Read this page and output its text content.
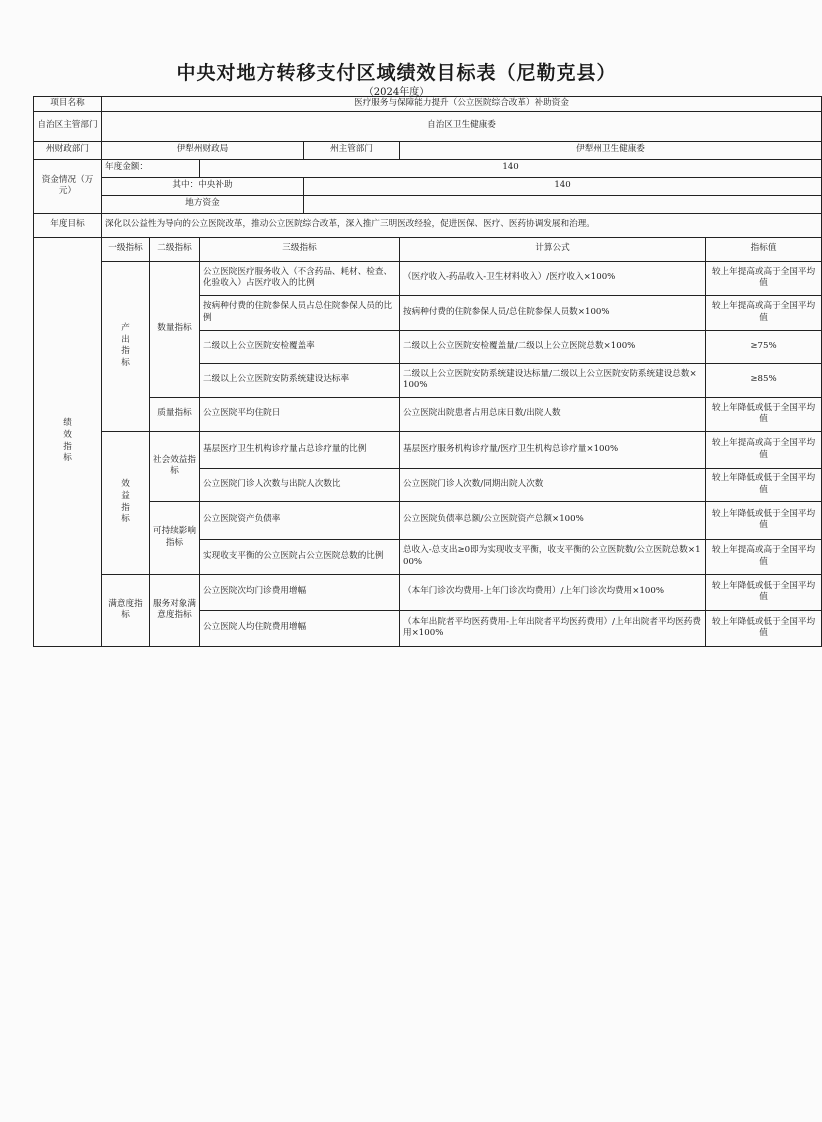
中央对地方转移支付区域绩效目标表（尼勒克县）
（2024年度）
项目名称	医疗服务与保障能力提升（公立医院综合改革）补助资金					
自治区主管部门	自治区卫生健康委					
州财政部门	伊犁州财政局			州主管部门	伊犁州卫生健康委	
资金情况（万元）	年度金额：		140			
	其中：中央补助			140		
	地方资金					
年度目标	深化以公益性为导向的公立医院改革，推动公立医院综合改革，深入推广三明医改经验，促进医保、医疗、医药协调发展和治理。					
绩效指标	一级指标	二级指标	三级指标		计算公式	指标值
	产出指标	数量指标	公立医院医疗服务收入（不含药品、耗材、检查、化验收入）占医疗收入的比例		（医疗收入-药品收入-卫生材料收入）/医疗收入×100%	较上年提高或高于全国平均值
			按病种付费的住院参保人员占总住院参保人员的比例		按病种付费的住院参保人员/总住院参保人员数×100%	较上年提高或高于全国平均值
			二级以上公立医院安检覆盖率		二级以上公立医院安检覆盖量/二级以上公立医院总数×100%	≥75%
			二级以上公立医院安防系统建设达标率		二级以上公立医院安防系统建设达标量/二级以上公立医院安防系统建设总数×100%	≥85%
		质量指标	公立医院平均住院日		公立医院出院患者占用总床日数/出院人数	较上年降低或低于全国平均值
	效益指标	社会效益指标	基层医疗卫生机构诊疗量占总诊疗量的比例		基层医疗服务机构诊疗量/医疗卫生机构总诊疗量×100%	较上年提高或高于全国平均值
			公立医院门诊人次数与出院人次数比		公立医院门诊人次数/同期出院人次数	较上年降低或低于全国平均值
		可持续影响指标	公立医院资产负债率		公立医院负债率总额/公立医院资产总额×100%	较上年降低或低于全国平均值
			实现收支平衡的公立医院占公立医院总数的比例		总收入-总支出≥0即为实现收支平衡，收支平衡的公立医院数/公立医院总数×100%	较上年提高或高于全国平均值
	满意度指标	服务对象满意度指标	公立医院次均门诊费用增幅		（本年门诊次均费用-上年门诊次均费用）/上年门诊次均费用×100%	较上年降低或低于全国平均值
			公立医院人均住院费用增幅		（本年出院者平均医药费用-上年出院者平均医药费用）/上年出院者平均医药费用×100%	较上年降低或低于全国平均值
